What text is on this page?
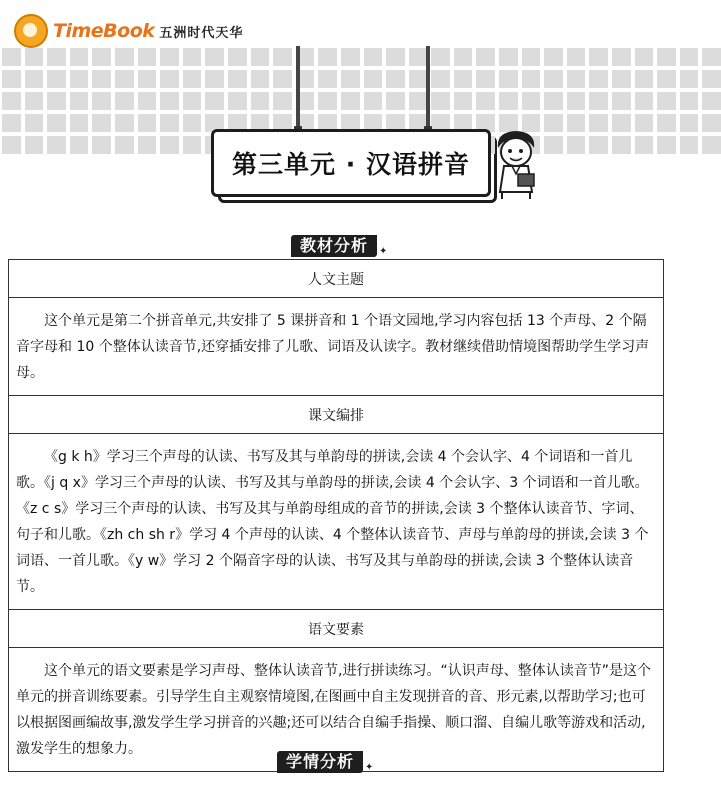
TimeBook 五洲时代天华
第三单元 · 汉语拼音
教材分析	✦
人文主题

这个单元是第二个拼音单元,共安排了 5 课拼音和 1 个语文园地,学习内容包括 13 个声母、2 个隔音字母和 10 个整体认读音节,还穿插安排了儿歌、词语及认读字。教材继续借助情境图帮助学生学习声母。

课文编排

《g k h》学习三个声母的认读、书写及其与单韵母的拼读,会读 4 个会认字、4 个词语和一首儿歌。《j q x》学习三个声母的认读、书写及其与单韵母的拼读,会读 4 个会认字、3 个词语和一首儿歌。《z c s》学习三个声母的认读、书写及其与单韵母组成的音节的拼读,会读 3 个整体认读音节、字词、句子和儿歌。《zh ch sh r》学习 4 个声母的认读、4 个整体认读音节、声母与单韵母的拼读,会读 3 个词语、一首儿歌。《y w》学习 2 个隔音字母的认读、书写及其与单韵母的拼读,会读 3 个整体认读音节。

语文要素

这个单元的语文要素是学习声母、整体认读音节,进行拼读练习。“认识声母、整体认读音节”是这个单元的拼音训练要素。引导学生自主观察情境图,在图画中自主发现拼音的音、形元素,以帮助学习;也可以根据图画编故事,激发学生学习拼音的兴趣;还可以结合自编手指操、顺口溜、自编儿歌等游戏和活动,激发学生的想象力。

学情分析	✦
